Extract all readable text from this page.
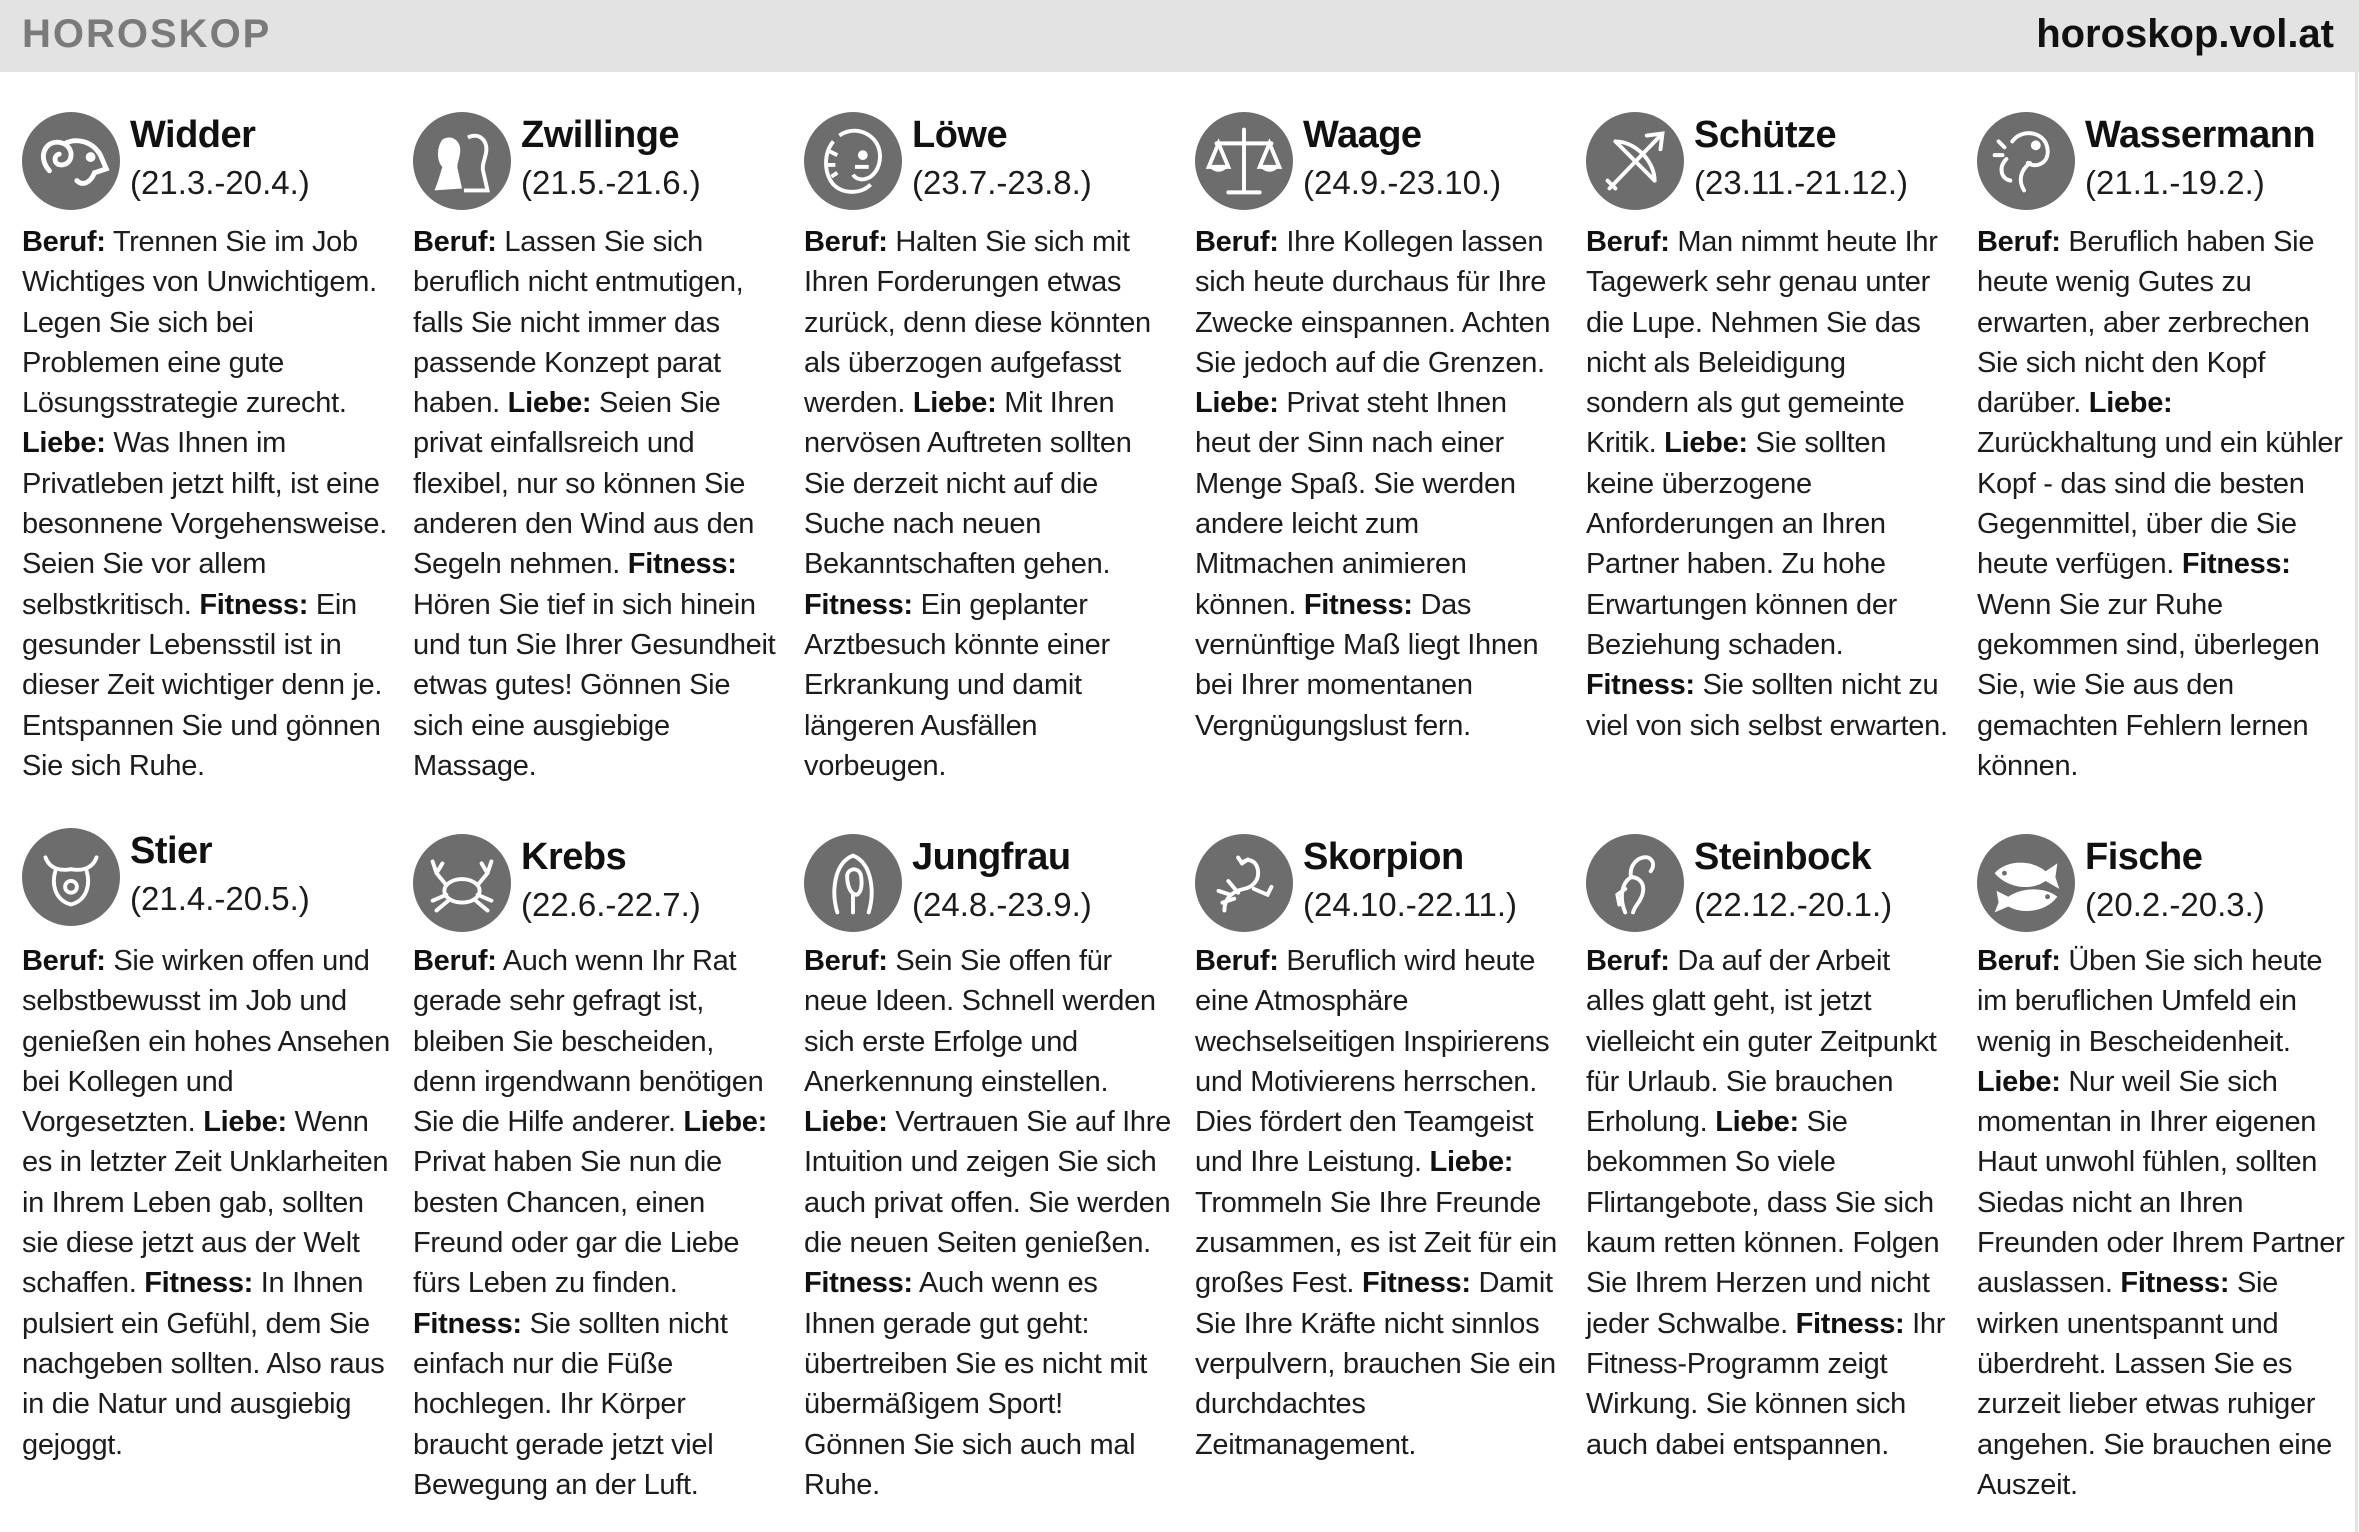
HOROSKOP	horoskop.vol.at
Widder
(21.3.-20.4.)
Beruf: Trennen Sie im Job Wichtiges von Unwichtigem. Legen Sie sich bei Problemen eine gute Lösungsstrategie zurecht. Liebe: Was Ihnen im Privatleben jetzt hilft, ist eine besonnene Vorgehensweise. Seien Sie vor allem selbstkritisch. Fitness: Ein gesunder Lebensstil ist in dieser Zeit wichtiger denn je. Entspannen Sie und gönnen Sie sich Ruhe.
Zwillinge
(21.5.-21.6.)
Beruf: Lassen Sie sich beruflich nicht entmutigen, falls Sie nicht immer das passende Konzept parat haben. Liebe: Seien Sie privat einfallsreich und flexibel, nur so können Sie anderen den Wind aus den Segeln nehmen. Fitness: Hören Sie tief in sich hinein und tun Sie Ihrer Gesundheit etwas gutes! Gönnen Sie sich eine ausgiebige Massage.
Löwe
(23.7.-23.8.)
Beruf: Halten Sie sich mit Ihren Forderungen etwas zurück, denn diese könnten als überzogen aufgefasst werden. Liebe: Mit Ihren nervösen Auftreten sollten Sie derzeit nicht auf die Suche nach neuen Bekanntschaften gehen. Fitness: Ein geplanter Arztbesuch könnte einer Erkrankung und damit längeren Ausfällen vorbeugen.
Waage
(24.9.-23.10.)
Beruf: Ihre Kollegen lassen sich heute durchaus für Ihre Zwecke einspannen. Achten Sie jedoch auf die Grenzen. Liebe: Privat steht Ihnen heut der Sinn nach einer Menge Spaß. Sie werden andere leicht zum Mitmachen animieren können. Fitness: Das vernünftige Maß liegt Ihnen bei Ihrer momentanen Vergnügungslust fern.
Schütze
(23.11.-21.12.)
Beruf: Man nimmt heute Ihr Tagewerk sehr genau unter die Lupe. Nehmen Sie das nicht als Beleidigung sondern als gut gemeinte Kritik. Liebe: Sie sollten keine überzogene Anforderungen an Ihren Partner haben. Zu hohe Erwartungen können der Beziehung schaden. Fitness: Sie sollten nicht zu viel von sich selbst erwarten.
Wassermann
(21.1.-19.2.)
Beruf: Beruflich haben Sie heute wenig Gutes zu erwarten, aber zerbrechen Sie sich nicht den Kopf darüber. Liebe: Zurückhaltung und ein kühler Kopf - das sind die besten Gegenmittel, über die Sie heute verfügen. Fitness: Wenn Sie zur Ruhe gekommen sind, überlegen Sie, wie Sie aus den gemachten Fehlern lernen können.
Stier
(21.4.-20.5.)
Beruf: Sie wirken offen und selbstbewusst im Job und genießen ein hohes Ansehen bei Kollegen und Vorgesetzten. Liebe: Wenn es in letzter Zeit Unklarheiten in Ihrem Leben gab, sollten sie diese jetzt aus der Welt schaffen. Fitness: In Ihnen pulsiert ein Gefühl, dem Sie nachgeben sollten. Also raus in die Natur und ausgiebig gejoggt.
Krebs
(22.6.-22.7.)
Beruf: Auch wenn Ihr Rat gerade sehr gefragt ist, bleiben Sie bescheiden, denn irgendwann benötigen Sie die Hilfe anderer. Liebe: Privat haben Sie nun die besten Chancen, einen Freund oder gar die Liebe fürs Leben zu finden. Fitness: Sie sollten nicht einfach nur die Füße hochlegen. Ihr Körper braucht gerade jetzt viel Bewegung an der Luft.
Jungfrau
(24.8.-23.9.)
Beruf: Sein Sie offen für neue Ideen. Schnell werden sich erste Erfolge und Anerkennung einstellen. Liebe: Vertrauen Sie auf Ihre Intuition und zeigen Sie sich auch privat offen. Sie werden die neuen Seiten genießen. Fitness: Auch wenn es Ihnen gerade gut geht: übertreiben Sie es nicht mit übermäßigem Sport! Gönnen Sie sich auch mal Ruhe.
Skorpion
(24.10.-22.11.)
Beruf: Beruflich wird heute eine Atmosphäre wechselseitigen Inspirierens und Motivierens herrschen. Dies fördert den Teamgeist und Ihre Leistung. Liebe: Trommeln Sie Ihre Freunde zusammen, es ist Zeit für ein großes Fest. Fitness: Damit Sie Ihre Kräfte nicht sinnlos verpulvern, brauchen Sie ein durchdachtes Zeitmanagement.
Steinbock
(22.12.-20.1.)
Beruf: Da auf der Arbeit alles glatt geht, ist jetzt vielleicht ein guter Zeitpunkt für Urlaub. Sie brauchen Erholung. Liebe: Sie bekommen So viele Flirtangebote, dass Sie sich kaum retten können. Folgen Sie Ihrem Herzen und nicht jeder Schwalbe. Fitness: Ihr Fitness-Programm zeigt Wirkung. Sie können sich auch dabei entspannen.
Fische
(20.2.-20.3.)
Beruf: Üben Sie sich heute im beruflichen Umfeld ein wenig in Bescheidenheit. Liebe: Nur weil Sie sich momentan in Ihrer eigenen Haut unwohl fühlen, sollten Siedas nicht an Ihren Freunden oder Ihrem Partner auslassen. Fitness: Sie wirken unentspannt und überdreht. Lassen Sie es zurzeit lieber etwas ruhiger angehen. Sie brauchen eine Auszeit.
